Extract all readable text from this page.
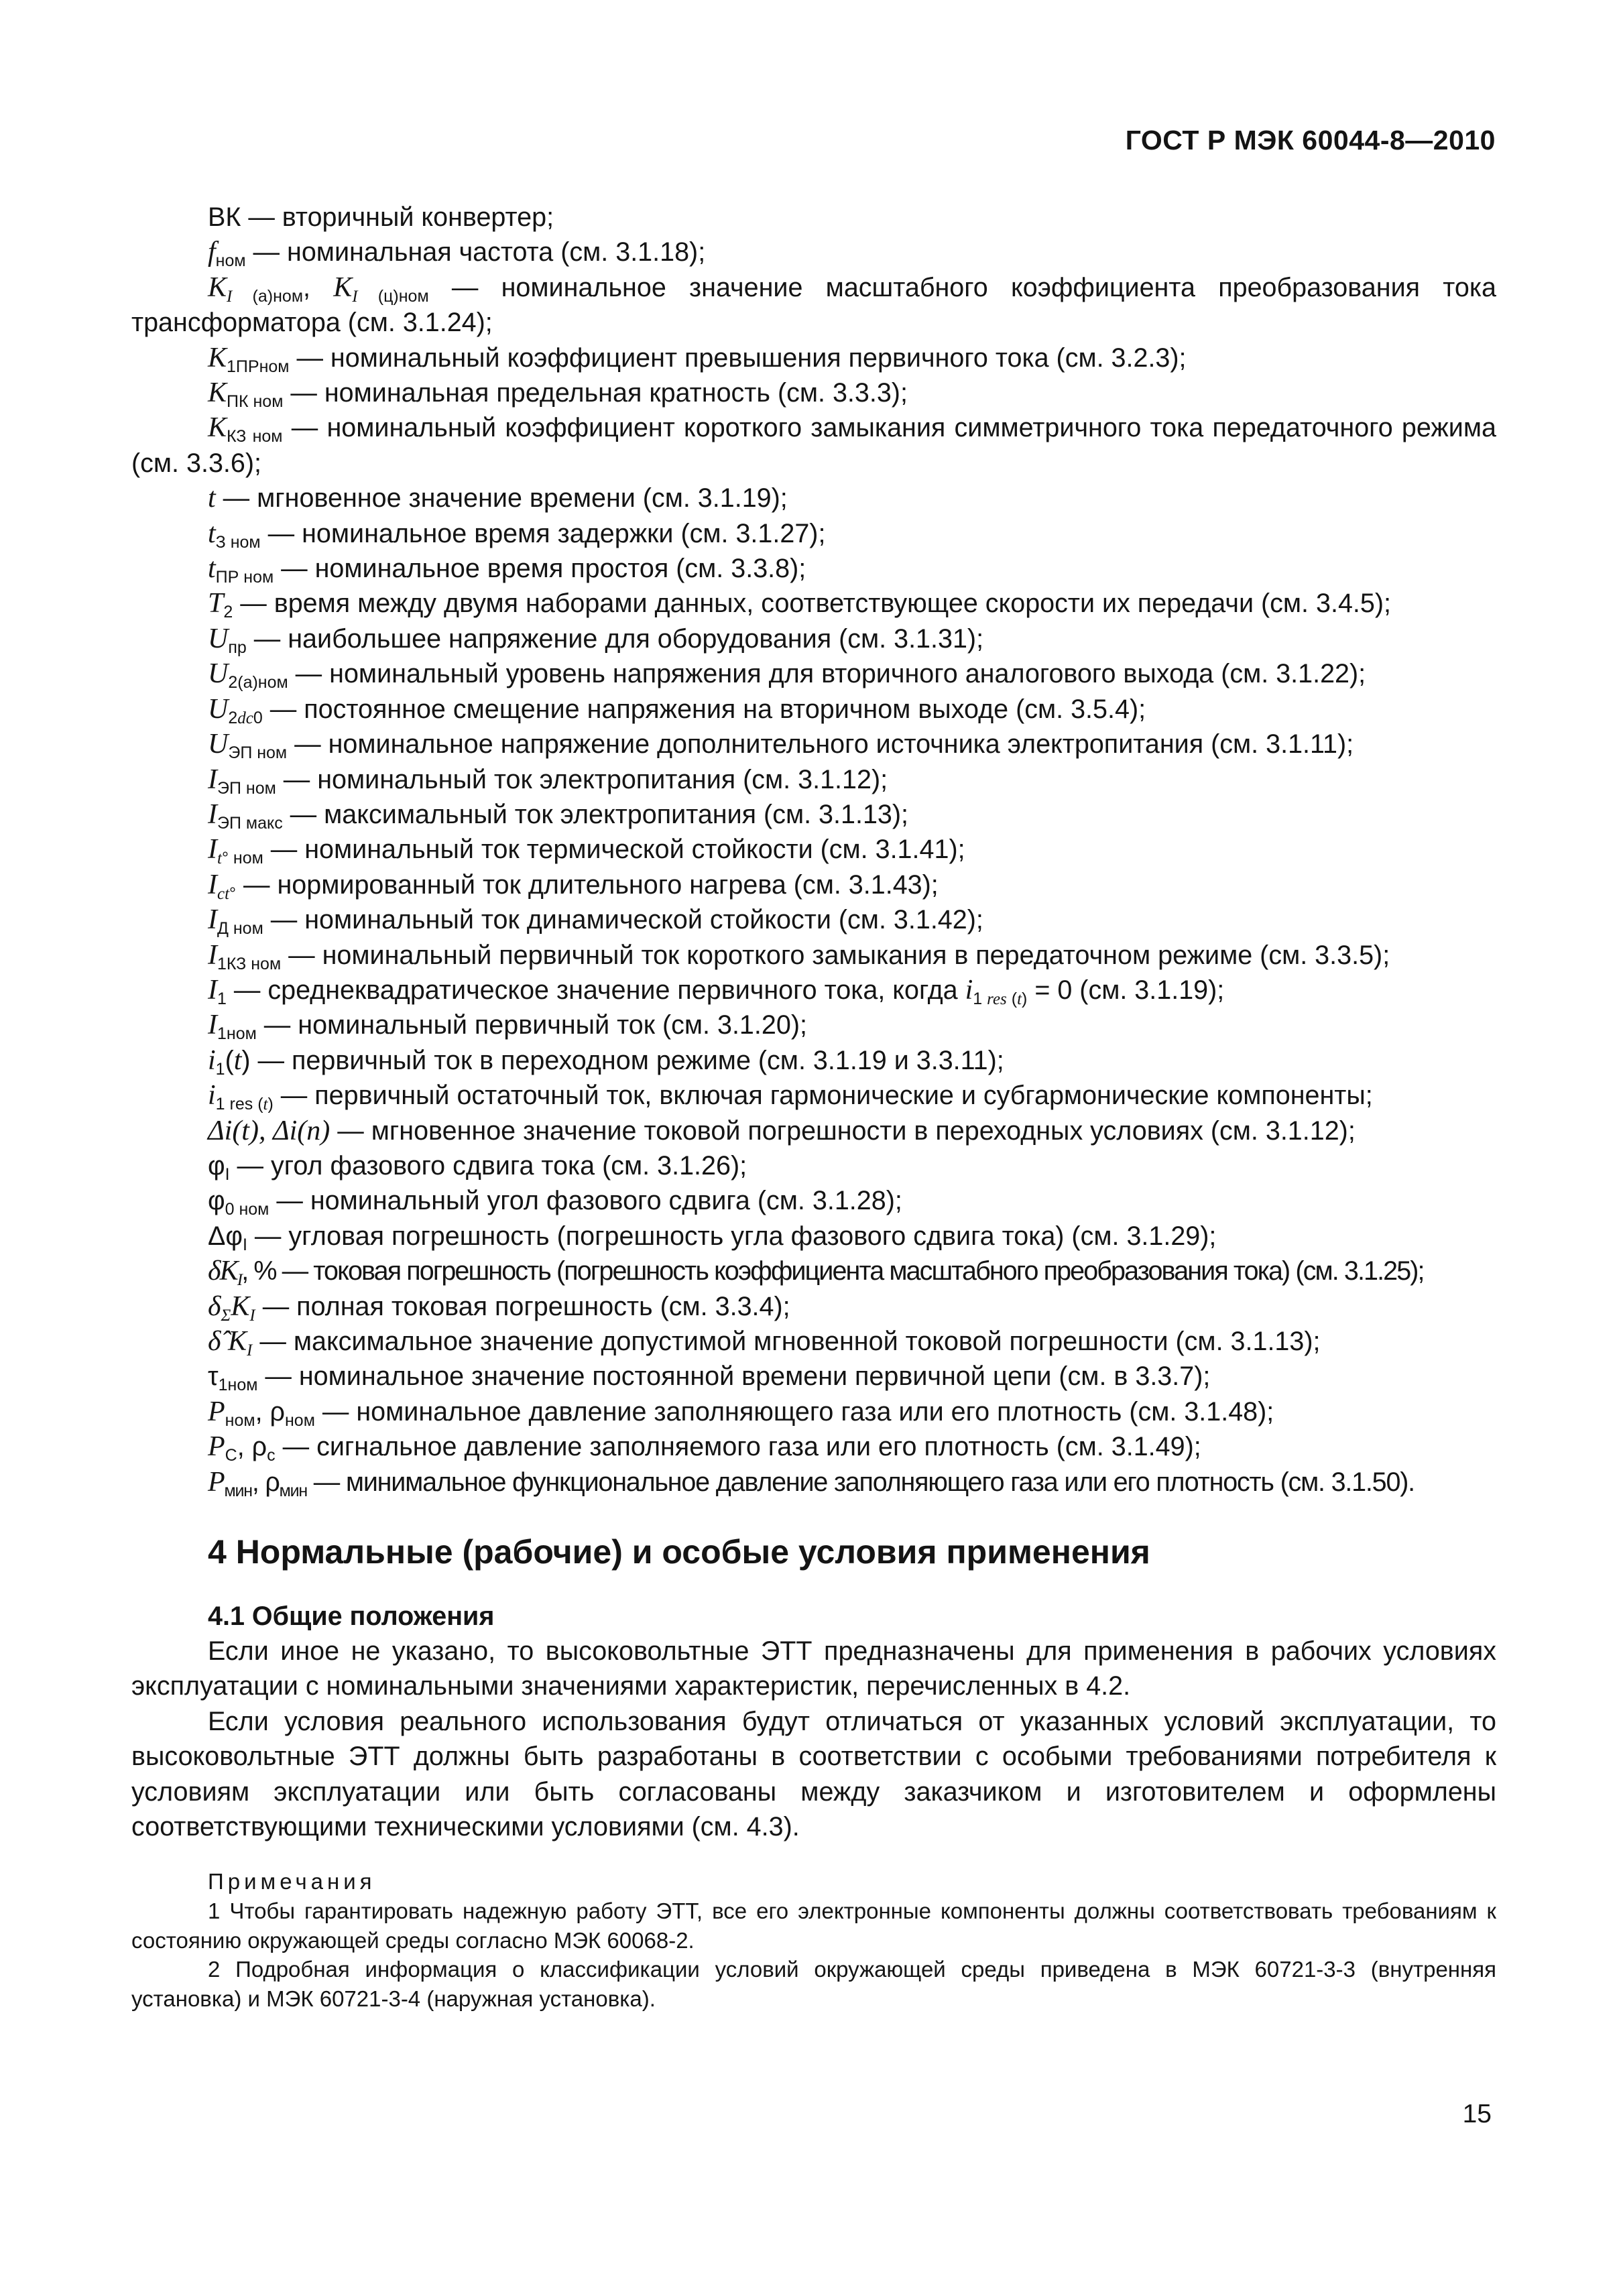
ГОСТ Р МЭК 60044-8—2010

ВК — вторичный конвертер;

$f_{ном}$ — номинальная частота (см. 3.1.18);

$K_{I (а)ном}$, $K_{I (ц)ном}$ — номинальное значение масштабного коэффициента преобразования тока трансформатора (см. 3.1.24);

$K_{1ПРном}$ — номинальный коэффициент превышения первичного тока (см. 3.2.3);

$K_{ПК ном}$ — номинальная предельная кратность (см. 3.3.3);

$K_{КЗ ном}$ — номинальный коэффициент короткого замыкания симметричного тока передаточного режима (см. 3.3.6);

t — мгновенное значение времени (см. 3.1.19);

$t_{З ном}$ — номинальное время задержки (см. 3.1.27);

$t_{ПР ном}$ — номинальное время простоя (см. 3.3.8);

$T_2$ — время между двумя наборами данных, соответствующее скорости их передачи (см. 3.4.5);

$U_{пр}$ — наибольшее напряжение для оборудования (см. 3.1.31);

$U_{2(а)ном}$ — номинальный уровень напряжения для вторичного аналогового выхода (см. 3.1.22);

$U_{2dc0}$ — постоянное смещение напряжения на вторичном выходе (см. 3.5.4);

$U_{ЭП ном}$ — номинальное напряжение дополнительного источника электропитания (см. 3.1.11);

$I_{ЭП ном}$ — номинальный ток электропитания (см. 3.1.12);

$I_{ЭП макс}$ — максимальный ток электропитания (см. 3.1.13);

$I_{t^\circ ном}$ — номинальный ток термической стойкости (см. 3.1.41);

$I_{ct^\circ}$ — нормированный ток длительного нагрева (см. 3.1.43);

$I_{Д ном}$ — номинальный ток динамической стойкости (см. 3.1.42);

$I_{1КЗ ном}$ — номинальный первичный ток короткого замыкания в передаточном режиме (см. 3.3.5);

$I_1$ — среднеквадратическое значение первичного тока, когда $i_{1 res (t)} = 0$ (см. 3.1.19);

$I_{1ном}$ — номинальный первичный ток (см. 3.1.20);

$i_1(t)$ — первичный ток в переходном режиме (см. 3.1.19 и 3.3.11);

$i_{1 res (t)}$ — первичный остаточный ток, включая гармонические и субгармонические компоненты;

Δi(t), Δi(n) — мгновенное значение токовой погрешности в переходных условиях (см. 3.1.12);

$\varphi_I$ — угол фазового сдвига тока (см. 3.1.26);

$\varphi_{0 ном}$ — номинальный угол фазового сдвига (см. 3.1.28);

$\Delta\varphi_I$ — угловая погрешность (погрешность угла фазового сдвига тока) (см. 3.1.29);

$\delta K_I$, % — токовая погрешность (погрешность коэффициента масштабного преобразования тока) (см. 3.1.25);

$\delta_\Sigma K_I$ — полная токовая погрешность (см. 3.3.4);

δ̂ $K_I$ — максимальное значение допустимой мгновенной токовой погрешности (см. 3.1.13);

$\tau_{1ном}$ — номинальное значение постоянной времени первичной цепи (см. в 3.3.7);

$P_{ном}$, $\rho_{ном}$ — номинальное давление заполняющего газа или его плотность (см. 3.1.48);

$P_С$, $\rho_с$ — сигнальное давление заполняемого газа или его плотность (см. 3.1.49);

$P_{мин}$, $\rho_{мин}$ — минимальное функциональное давление заполняющего газа или его плотность (см. 3.1.50).

4 Нормальные (рабочие) и особые условия применения
4.1 Общие положения

Если иное не указано, то высоковольтные ЭТТ предназначены для применения в рабочих условиях эксплуатации с номинальными значениями характеристик, перечисленных в 4.2.

Если условия реального использования будут отличаться от указанных условий эксплуатации, то высоковольтные ЭТТ должны быть разработаны в соответствии с особыми требованиями потребителя к условиям эксплуатации или быть согласованы между заказчиком и изготовителем и оформлены соответствующими техническими условиями (см. 4.3).

Примечания

1 Чтобы гарантировать надежную работу ЭТТ, все его электронные компоненты должны соответствовать требованиям к состоянию окружающей среды согласно МЭК 60068-2.

2 Подробная информация о классификации условий окружающей среды приведена в МЭК 60721-3-3 (внутренняя установка) и МЭК 60721-3-4 (наружная установка).

15
